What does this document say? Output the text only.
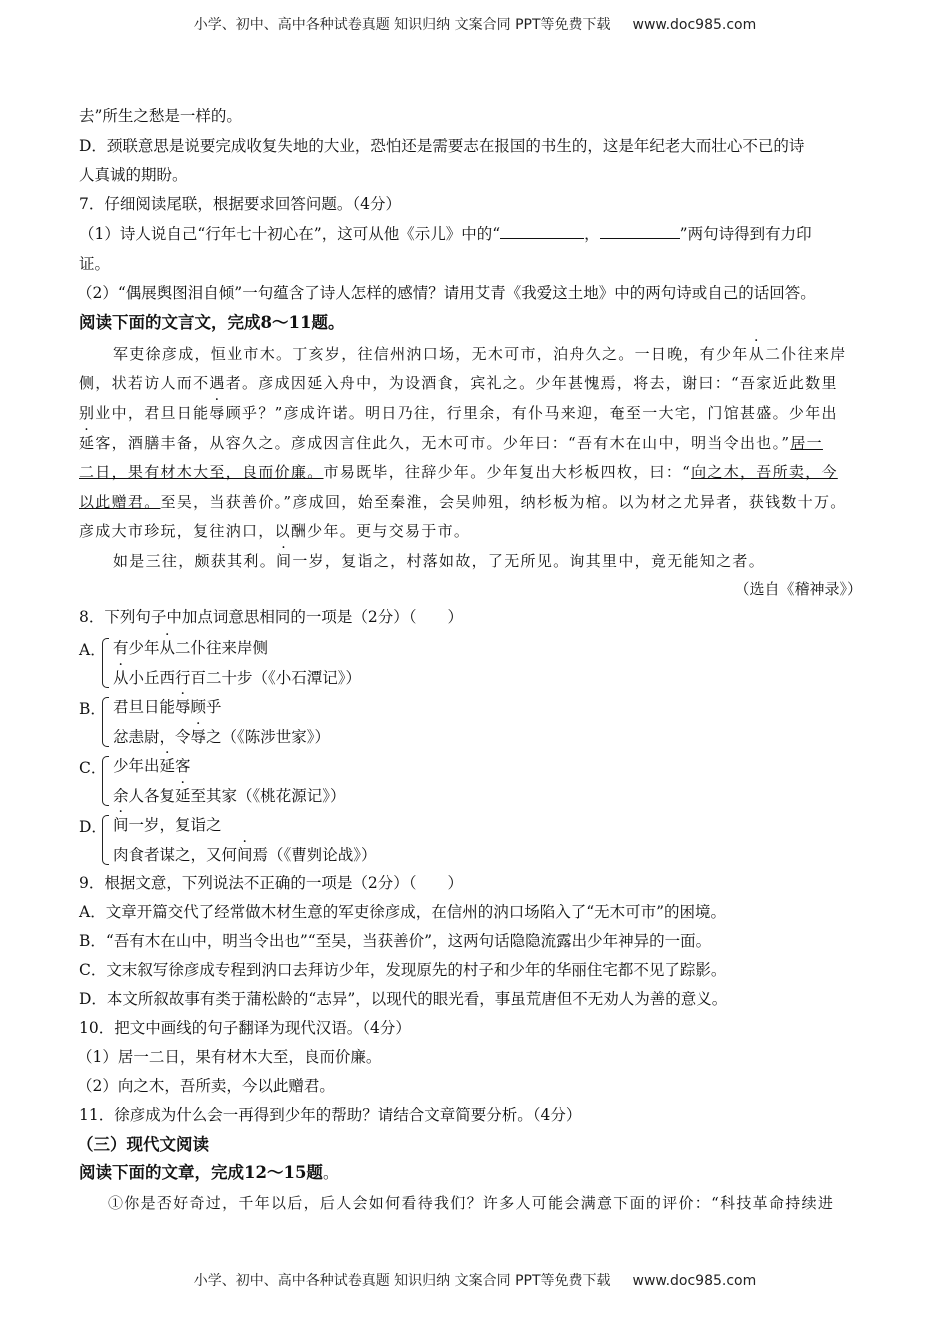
小学、初中、高中各种试卷真题 知识归纳 文案合同 PPT等免费下载 www.doc985.com
去”所生之愁是一样的。
D．颈联意思是说要完成收复失地的大业，恐怕还是需要志在报国的书生的，这是年纪老大而壮心不已的诗
人真诚的期盼。
7．仔细阅读尾联，根据要求回答问题。（4分）
（1）诗人说自己“行年七十初心在”，这可从他《示儿》中的“	，	”两句诗得到有力印
证。
（2）“偶展舆图泪自倾”一句蕴含了诗人怎样的感情？请用艾青《我爱这土地》中的两句诗或自己的话回答。
阅读下面的文言文，完成8～11题。
军吏徐彦成，恒业市木。丁亥岁，往信州汭口场，无木可市，泊舟久之。一日晚，有少年从二仆往来岸
侧，状若访人而不遇者。彦成因延入舟中，为设酒食，宾礼之。少年甚愧焉，将去，谢曰：“吾家近此数里
别业中，君旦日能辱顾乎？”彦成许诺。明日乃往，行里余，有仆马来迎，奄至一大宅，门馆甚盛。少年出
延客，酒膳丰备，从容久之。彦成因言住此久，无木可市。少年曰：“吾有木在山中，明当令出也。”居一
二日，果有材木大至，良而价廉。市易既毕，往辞少年。少年复出大杉板四枚，曰：“向之木，吾所卖，今
以此赠君。至吴，当获善价。”彦成回，始至秦淮，会吴帅殂，纳杉板为棺。以为材之尤异者，获钱数十万。
彦成大市珍玩，复往汭口，以酬少年。更与交易于市。
如是三往，颇获其利。间一岁，复诣之，村落如故，了无所见。询其里中，竟无能知之者。
（选自《稽神录》）
8．下列句子中加点词意思相同的一项是（2分）（　　）
A． 有少年从二仆往来岸侧
从小丘西行百二十步（《小石潭记》）
B． 君旦日能辱顾乎
忿恚尉，令辱之（《陈涉世家》）
C． 少年出延客
余人各复延至其家（《桃花源记》）
D． 间一岁，复诣之
肉食者谋之，又何间焉（《曹刿论战》）
9．根据文意，下列说法不正确的一项是（2分）（　　）
A．文章开篇交代了经常做木材生意的军吏徐彦成，在信州的汭口场陷入了“无木可市”的困境。
B．“吾有木在山中，明当令出也”“至吴，当获善价”，这两句话隐隐流露出少年神异的一面。
C．文末叙写徐彦成专程到汭口去拜访少年，发现原先的村子和少年的华丽住宅都不见了踪影。
D．本文所叙故事有类于蒲松龄的“志异”，以现代的眼光看，事虽荒唐但不无劝人为善的意义。
10．把文中画线的句子翻译为现代汉语。（4分）
（1）居一二日，果有材木大至，良而价廉。
（2）向之木，吾所卖，今以此赠君。
11．徐彦成为什么会一再得到少年的帮助？请结合文章简要分析。（4分）
（三）现代文阅读
阅读下面的文章，完成12～15题。
①你是否好奇过，千年以后，后人会如何看待我们？许多人可能会满意下面的评价：“科技革命持续进
小学、初中、高中各种试卷真题 知识归纳 文案合同 PPT等免费下载 www.doc985.com
